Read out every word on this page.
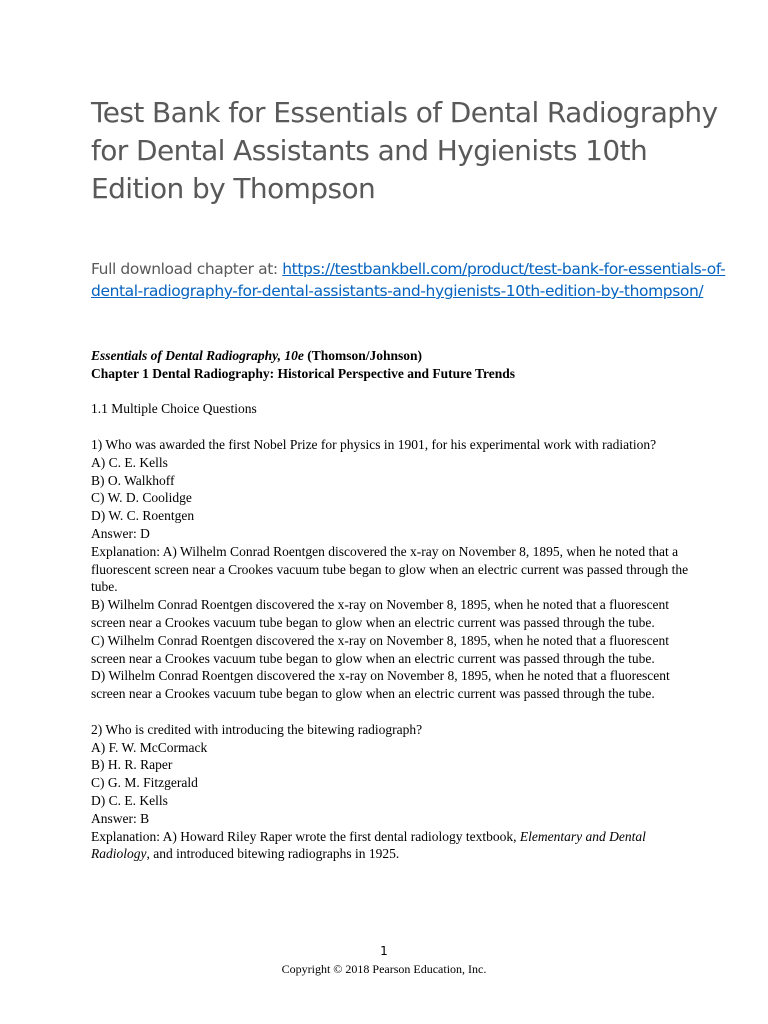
Test Bank for Essentials of Dental Radiography for Dental Assistants and Hygienists 10th Edition by Thompson
Full download chapter at: https://testbankbell.com/product/test-bank-for-essentials-of-dental-radiography-for-dental-assistants-and-hygienists-10th-edition-by-thompson/

Essentials of Dental Radiography, 10e (Thomson/Johnson)

Chapter 1 Dental Radiography: Historical Perspective and Future Trends

1.1 Multiple Choice Questions

1) Who was awarded the first Nobel Prize for physics in 1901, for his experimental work with radiation?

A) C. E. Kells

B) O. Walkhoff

C) W. D. Coolidge

D) W. C. Roentgen

Answer: D

Explanation: A) Wilhelm Conrad Roentgen discovered the x-ray on November 8, 1895, when he noted that a fluorescent screen near a Crookes vacuum tube began to glow when an electric current was passed through the tube.

B) Wilhelm Conrad Roentgen discovered the x-ray on November 8, 1895, when he noted that a fluorescent screen near a Crookes vacuum tube began to glow when an electric current was passed through the tube.

C) Wilhelm Conrad Roentgen discovered the x-ray on November 8, 1895, when he noted that a fluorescent screen near a Crookes vacuum tube began to glow when an electric current was passed through the tube.

D) Wilhelm Conrad Roentgen discovered the x-ray on November 8, 1895, when he noted that a fluorescent screen near a Crookes vacuum tube began to glow when an electric current was passed through the tube.

2) Who is credited with introducing the bitewing radiograph?

A) F. W. McCormack

B) H. R. Raper

C) G. M. Fitzgerald

D) C. E. Kells

Answer: B

Explanation: A) Howard Riley Raper wrote the first dental radiology textbook, Elementary and Dental Radiology, and introduced bitewing radiographs in 1925.

1
Copyright © 2018 Pearson Education, Inc.
